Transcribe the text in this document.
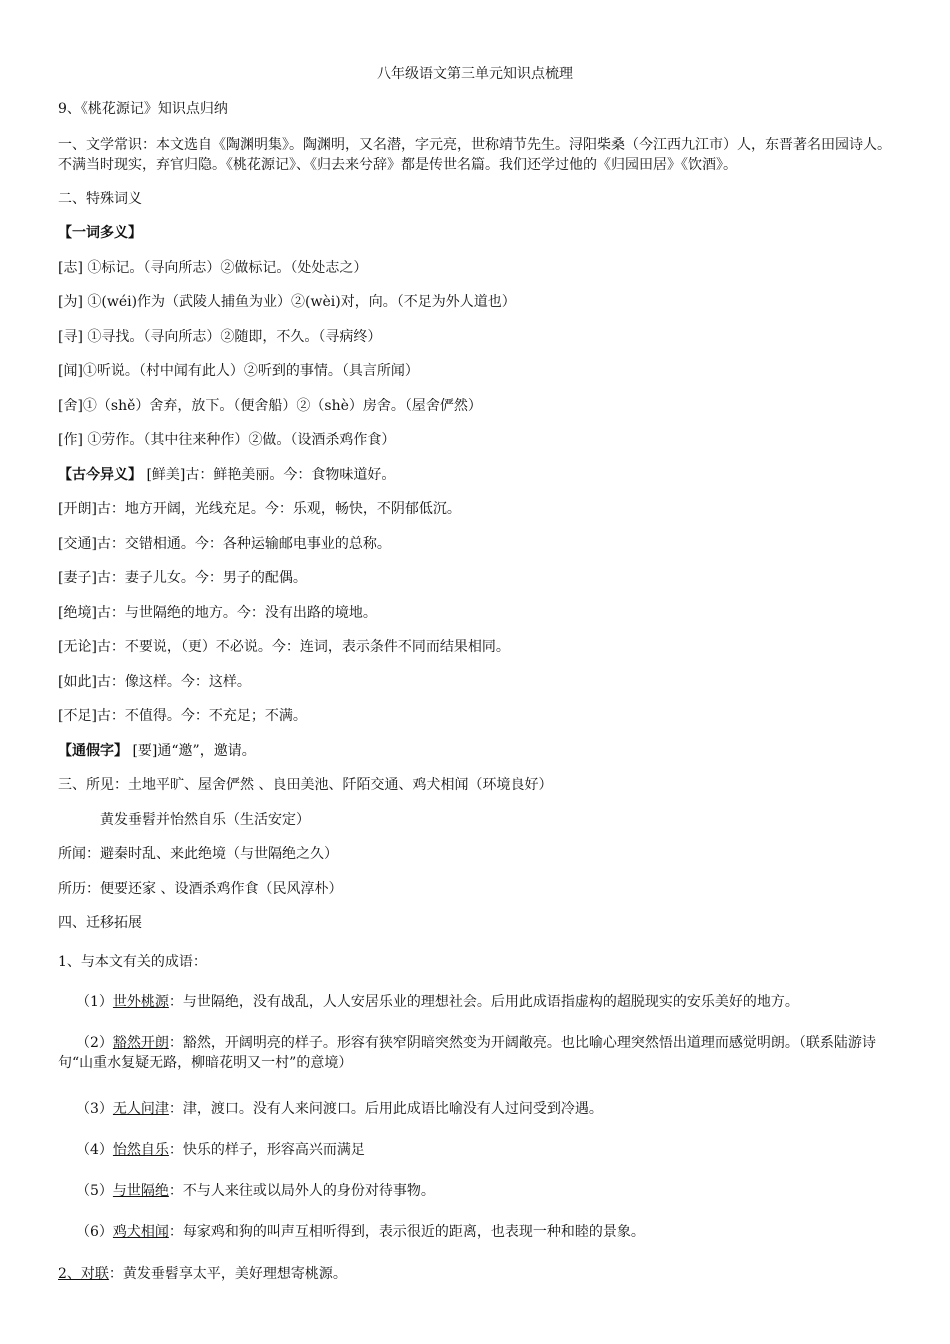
八年级语文第三单元知识点梳理
9、《桃花源记》知识点归纳
一、文学常识：本文选自《陶渊明集》。陶渊明，又名潜，字元亮，世称靖节先生。浔阳柴桑（今江西九江市）人，东晋著名田园诗人。不满当时现实，弃官归隐。《桃花源记》、《归去来兮辞》都是传世名篇。我们还学过他的《归园田居》《饮酒》。
二、特殊词义
【一词多义】
[志] ①标记。（寻向所志）②做标记。（处处志之）
[为] ①(wéi)作为（武陵人捕鱼为业）②(wèi)对，向。（不足为外人道也）
[寻] ①寻找。（寻向所志）②随即，不久。（寻病终）
[闻]①听说。（村中闻有此人）②听到的事情。（具言所闻）
[舍]①（shě）舍弃，放下。（便舍船）②（shè）房舍。（屋舍俨然）
[作] ①劳作。（其中往来种作）②做。（设酒杀鸡作食）
【古今异义】 [鲜美]古：鲜艳美丽。今：食物味道好。
[开朗]古：地方开阔，光线充足。今：乐观，畅快，不阴郁低沉。
[交通]古：交错相通。今：各种运输邮电事业的总称。
[妻子]古：妻子儿女。今：男子的配偶。
[绝境]古：与世隔绝的地方。今：没有出路的境地。
[无论]古：不要说，（更）不必说。今：连词，表示条件不同而结果相同。
[如此]古：像这样。今：这样。
[不足]古：不值得。今：不充足；不满。
【通假字】 [要]通“邀”，邀请。
三、所见：土地平旷、屋舍俨然 、良田美池、阡陌交通、鸡犬相闻（环境良好）
黄发垂髫并怡然自乐（生活安定）
所闻：避秦时乱、来此绝境（与世隔绝之久）
所历：便要还家 、设酒杀鸡作食（民风淳朴）
四、迁移拓展
1、与本文有关的成语：
（1）世外桃源：与世隔绝，没有战乱，人人安居乐业的理想社会。后用此成语指虚构的超脱现实的安乐美好的地方。
（2）豁然开朗：豁然，开阔明亮的样子。形容有狭窄阴暗突然变为开阔敞亮。也比喻心理突然悟出道理而感觉明朗。（联系陆游诗句“山重水复疑无路，柳暗花明又一村”的意境）
（3）无人问津：津，渡口。没有人来问渡口。后用此成语比喻没有人过问受到冷遇。
（4）怡然自乐：快乐的样子，形容高兴而满足
（5）与世隔绝：不与人来往或以局外人的身份对待事物。
（6）鸡犬相闻：每家鸡和狗的叫声互相听得到，表示很近的距离，也表现一种和睦的景象。
2、对联：黄发垂髫享太平，美好理想寄桃源。
